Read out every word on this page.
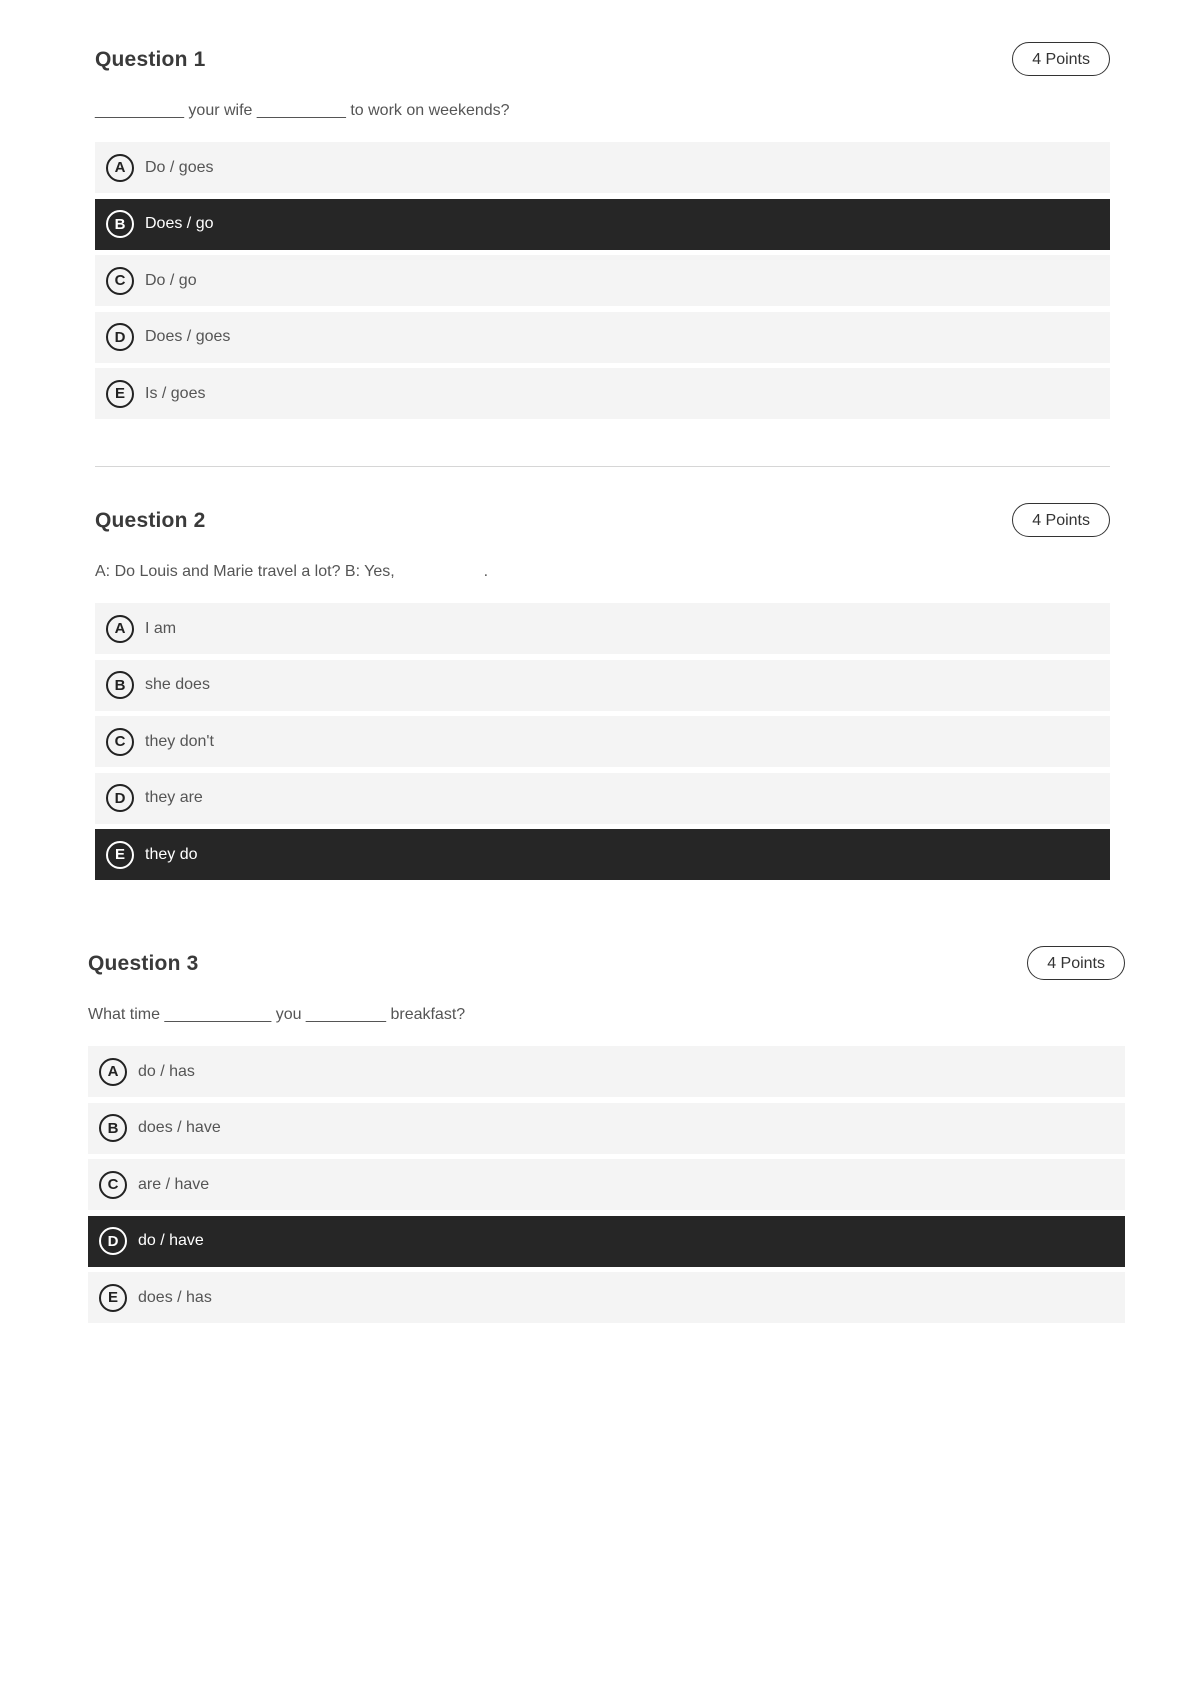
Question 1	4 Points
__________ your wife __________ to work on weekends?
A	Do / goes
B	Does / go
C	Do / go
D	Does / goes
E	Is / goes
Question 2	4 Points
A: Do Louis and Marie travel a lot? B: Yes,                    .
A	I am
B	she does
C	they don't
D	they are
E	they do
Question 3	4 Points
What time ____________ you _________ breakfast?
A	do / has
B	does / have
C	are / have
D	do / have
E	does / has
